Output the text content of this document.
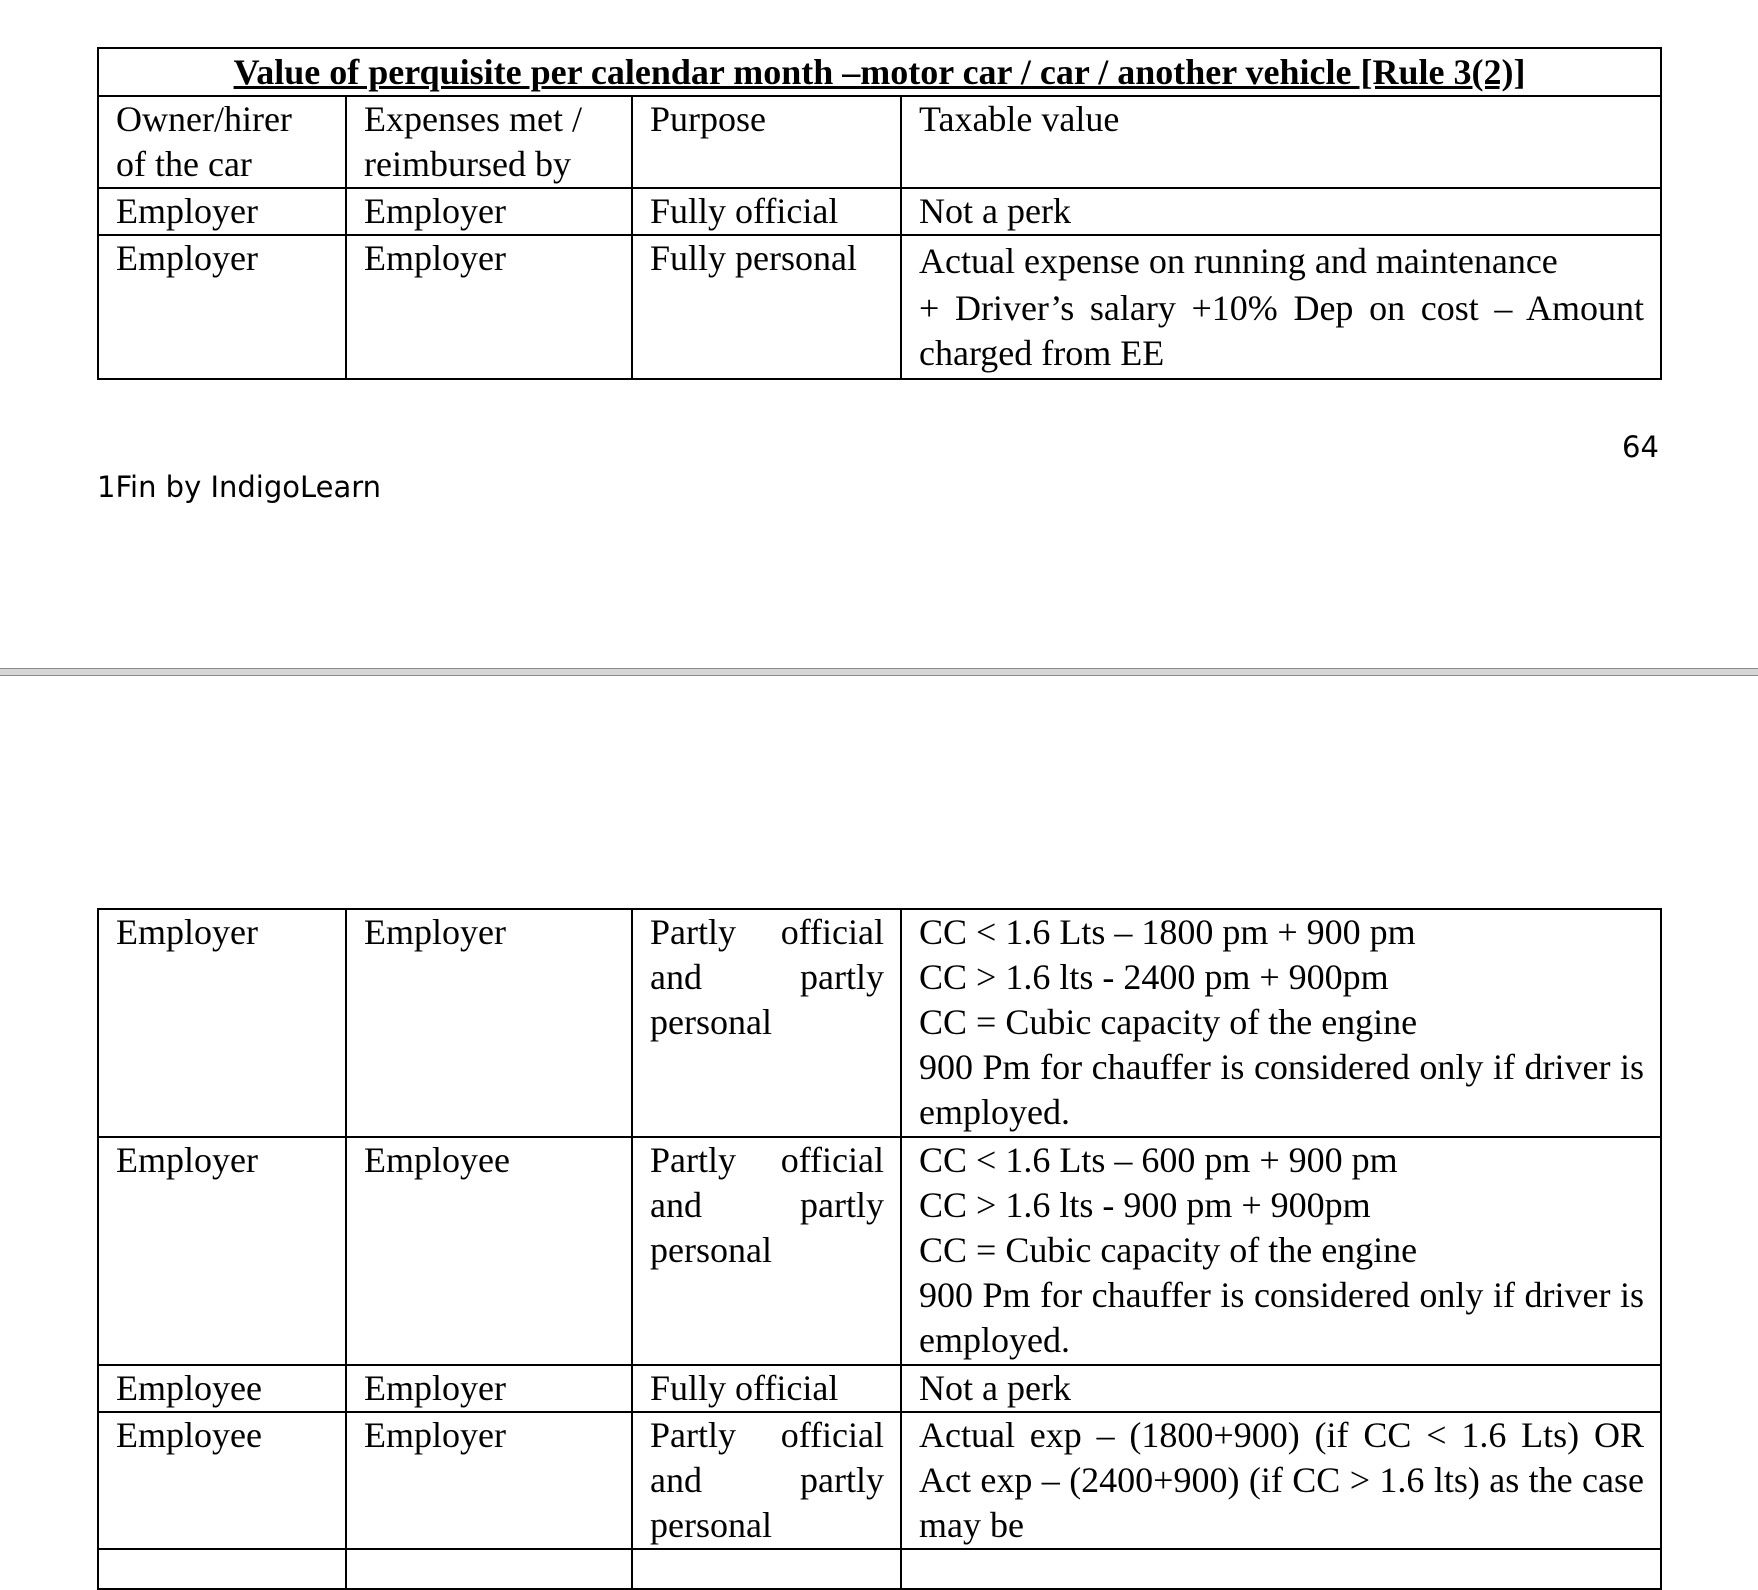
Value of perquisite per calendar month –motor car / car / another vehicle [Rule 3(2)]			
Owner/hirer of the car	Expenses met / reimbursed by	Purpose	Taxable value
Employer	Employer	Fully official	Not a perk

Employer	Employer	Fully personal	Actual expense on running and maintenance
+ Driver’s salary +10% Dep on cost – Amount charged from EE
64
1Fin by IndigoLearn
Employer	Employer	Partly official and partly personal	CC < 1.6 Lts – 1800 pm + 900 pm
CC > 1.6 lts - 2400 pm + 900pm
CC = Cubic capacity of the engine
900 Pm for chauffer is considered only if driver is employed.

Employer	Employee	Partly official and partly personal	CC < 1.6 Lts – 600 pm + 900 pm
CC > 1.6 lts - 900 pm + 900pm
CC = Cubic capacity of the engine
900 Pm for chauffer is considered only if driver is employed.

Employee	Employer	Fully official	Not a perk

Employee	Employer	Partly official and partly personal	Actual exp – (1800+900) (if CC < 1.6 Lts) OR Act exp – (2400+900) (if CC > 1.6 lts) as the case may be
